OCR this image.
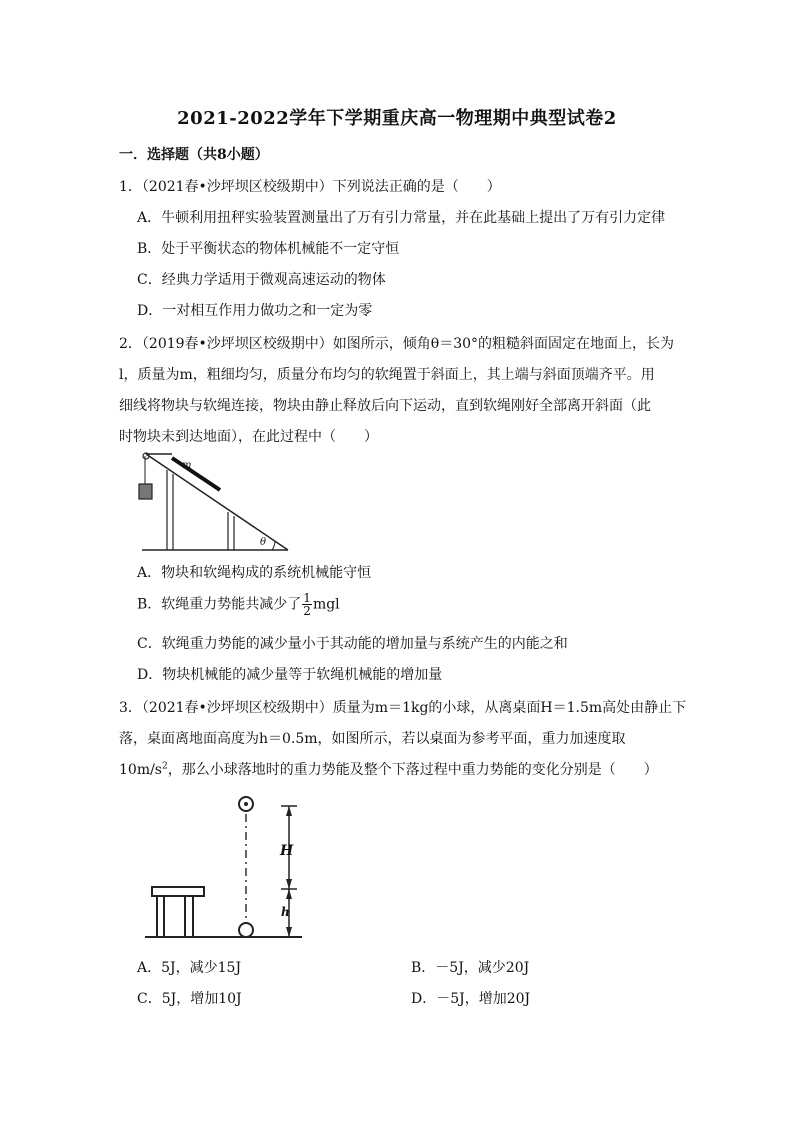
2021-2022学年下学期重庆高一物理期中典型试卷2
一．选择题（共8小题）
1．（2021春•沙坪坝区校级期中）下列说法正确的是（　　）
A．牛顿利用扭秤实验装置测量出了万有引力常量，并在此基础上提出了万有引力定律
B．处于平衡状态的物体机械能不一定守恒
C．经典力学适用于微观高速运动的物体
D．一对相互作用力做功之和一定为零
2．（2019春•沙坪坝区校级期中）如图所示，倾角θ＝30°的粗糙斜面固定在地面上，长为
l，质量为m，粗细均匀，质量分布均匀的软绳置于斜面上，其上端与斜面顶端齐平。用
细线将物块与软绳连接，物块由静止释放后向下运动，直到软绳刚好全部离开斜面（此
时物块未到达地面），在此过程中（　　）
m
θ
A．物块和软绳构成的系统机械能守恒
B．软绳重力势能共减少了 $\frac{1}{2}$ mgl
C．软绳重力势能的减少量小于其动能的增加量与系统产生的内能之和
D．物块机械能的减少量等于软绳机械能的增加量
3．（2021春•沙坪坝区校级期中）质量为m＝1kg的小球，从离桌面H＝1.5m高处由静止下
落，桌面离地面高度为h＝0.5m，如图所示，若以桌面为参考平面，重力加速度取
$10m/s^2$，那么小球落地时的重力势能及整个下落过程中重力势能的变化分别是（　　）
H
h
A．5J，减少15J	B．－5J，减少20J
C．5J，增加10J	D．－5J，增加20J
